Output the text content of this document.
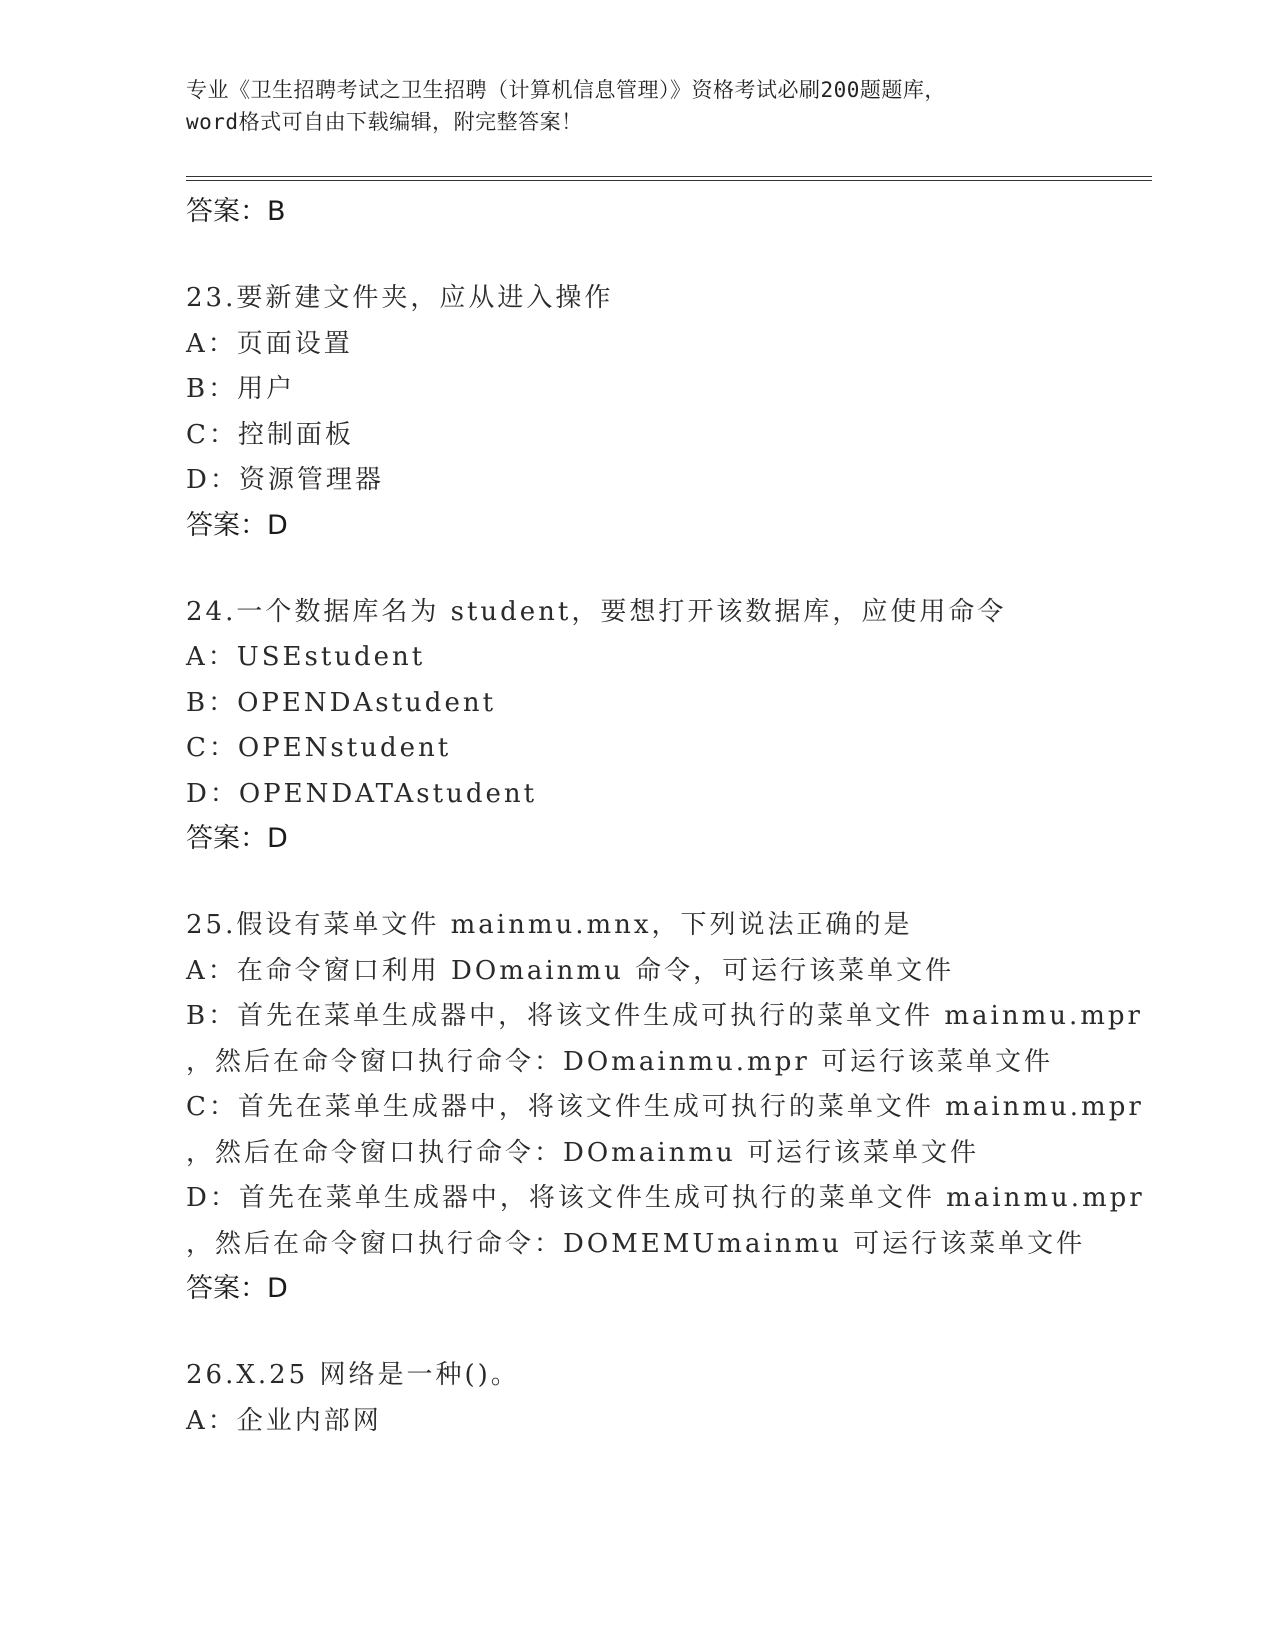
专业《卫生招聘考试之卫生招聘（计算机信息管理）》资格考试必刷200题题库，
word格式可自由下载编辑，附完整答案！
答案：B
23.要新建文件夹，应从进入操作
A：页面设置
B：用户
C：控制面板
D：资源管理器
答案：D
24.一个数据库名为 student，要想打开该数据库，应使用命令
A：USEstudent
B：OPENDAstudent
C：OPENstudent
D：OPENDATAstudent
答案：D
25.假设有菜单文件 mainmu.mnx，下列说法正确的是
A：在命令窗口利用 DOmainmu 命令，可运行该菜单文件
B：首先在菜单生成器中，将该文件生成可执行的菜单文件 mainmu.mpr
，然后在命令窗口执行命令：DOmainmu.mpr 可运行该菜单文件
C：首先在菜单生成器中，将该文件生成可执行的菜单文件 mainmu.mpr
，然后在命令窗口执行命令：DOmainmu 可运行该菜单文件
D：首先在菜单生成器中，将该文件生成可执行的菜单文件 mainmu.mpr
，然后在命令窗口执行命令：DOMEMUmainmu 可运行该菜单文件
答案：D
26.X.25 网络是一种()。
A：企业内部网
